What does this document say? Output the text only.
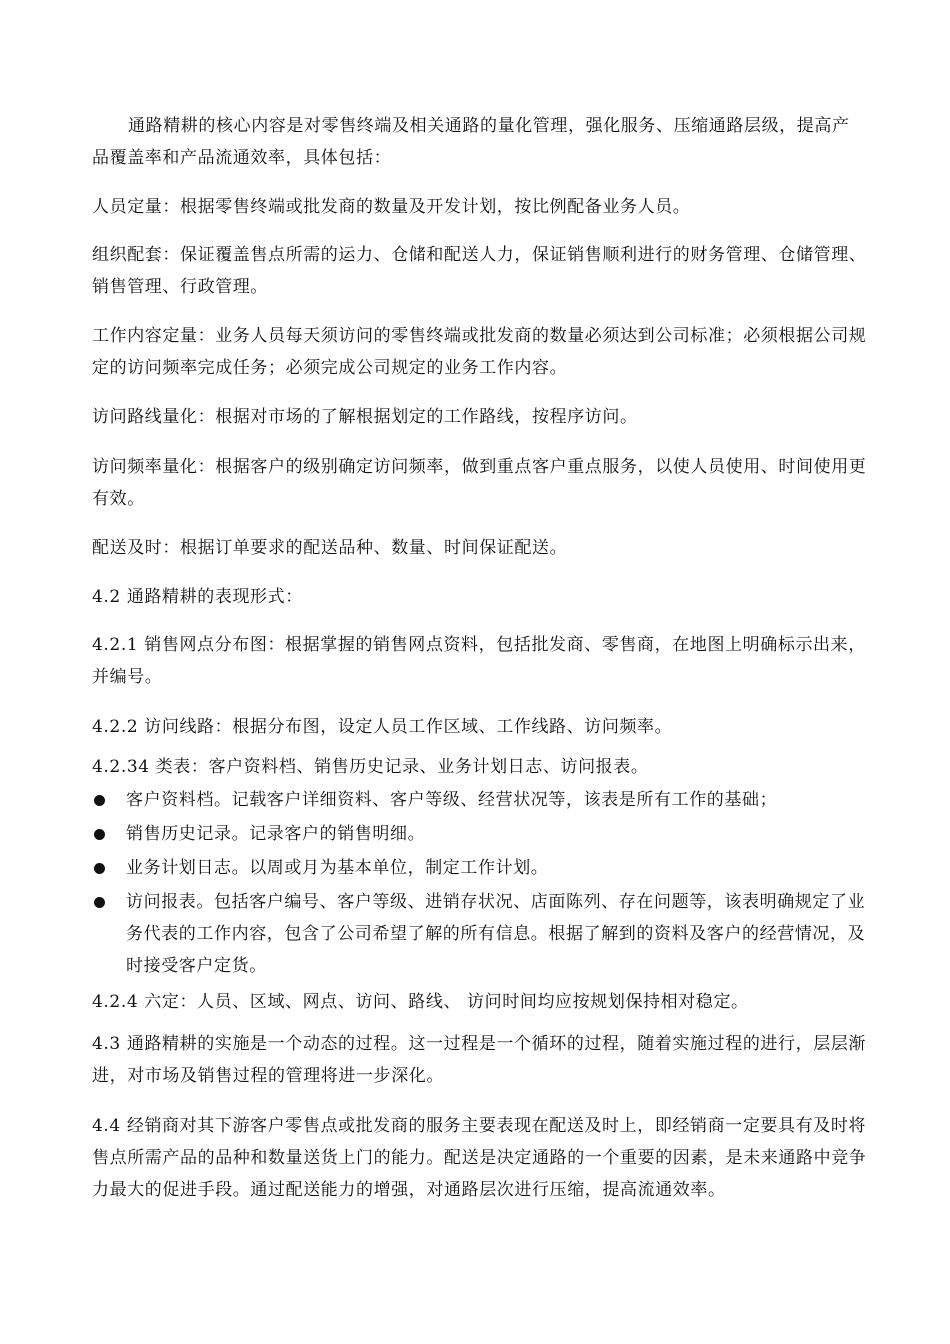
通路精耕的核心内容是对零售终端及相关通路的量化管理，强化服务、压缩通路层级，提高产品覆盖率和产品流通效率，具体包括：
人员定量：根据零售终端或批发商的数量及开发计划，按比例配备业务人员。
组织配套：保证覆盖售点所需的运力、仓储和配送人力，保证销售顺利进行的财务管理、仓储管理、销售管理、行政管理。
工作内容定量：业务人员每天须访问的零售终端或批发商的数量必须达到公司标准；必须根据公司规定的访问频率完成任务；必须完成公司规定的业务工作内容。
访问路线量化：根据对市场的了解根据划定的工作路线，按程序访问。
访问频率量化：根据客户的级别确定访问频率，做到重点客户重点服务，以使人员使用、时间使用更有效。
配送及时：根据订单要求的配送品种、数量、时间保证配送。
4.2 通路精耕的表现形式：
4.2.1 销售网点分布图：根据掌握的销售网点资料，包括批发商、零售商，在地图上明确标示出来，并编号。
4.2.2 访问线路：根据分布图，设定人员工作区域、工作线路、访问频率。
4.2.34 类表：客户资料档、销售历史记录、业务计划日志、访问报表。
客户资料档。记载客户详细资料、客户等级、经营状况等，该表是所有工作的基础；
销售历史记录。记录客户的销售明细。
业务计划日志。以周或月为基本单位，制定工作计划。
访问报表。包括客户编号、客户等级、进销存状况、店面陈列、存在问题等，该表明确规定了业务代表的工作内容，包含了公司希望了解的所有信息。根据了解到的资料及客户的经营情况，及时接受客户定货。
4.2.4 六定：人员、区域、网点、访问、路线、 访问时间均应按规划保持相对稳定。
4.3 通路精耕的实施是一个动态的过程。这一过程是一个循环的过程，随着实施过程的进行，层层渐进，对市场及销售过程的管理将进一步深化。
4.4 经销商对其下游客户零售点或批发商的服务主要表现在配送及时上，即经销商一定要具有及时将售点所需产品的品种和数量送货上门的能力。配送是决定通路的一个重要的因素，是未来通路中竞争力最大的促进手段。通过配送能力的增强，对通路层次进行压缩，提高流通效率。
